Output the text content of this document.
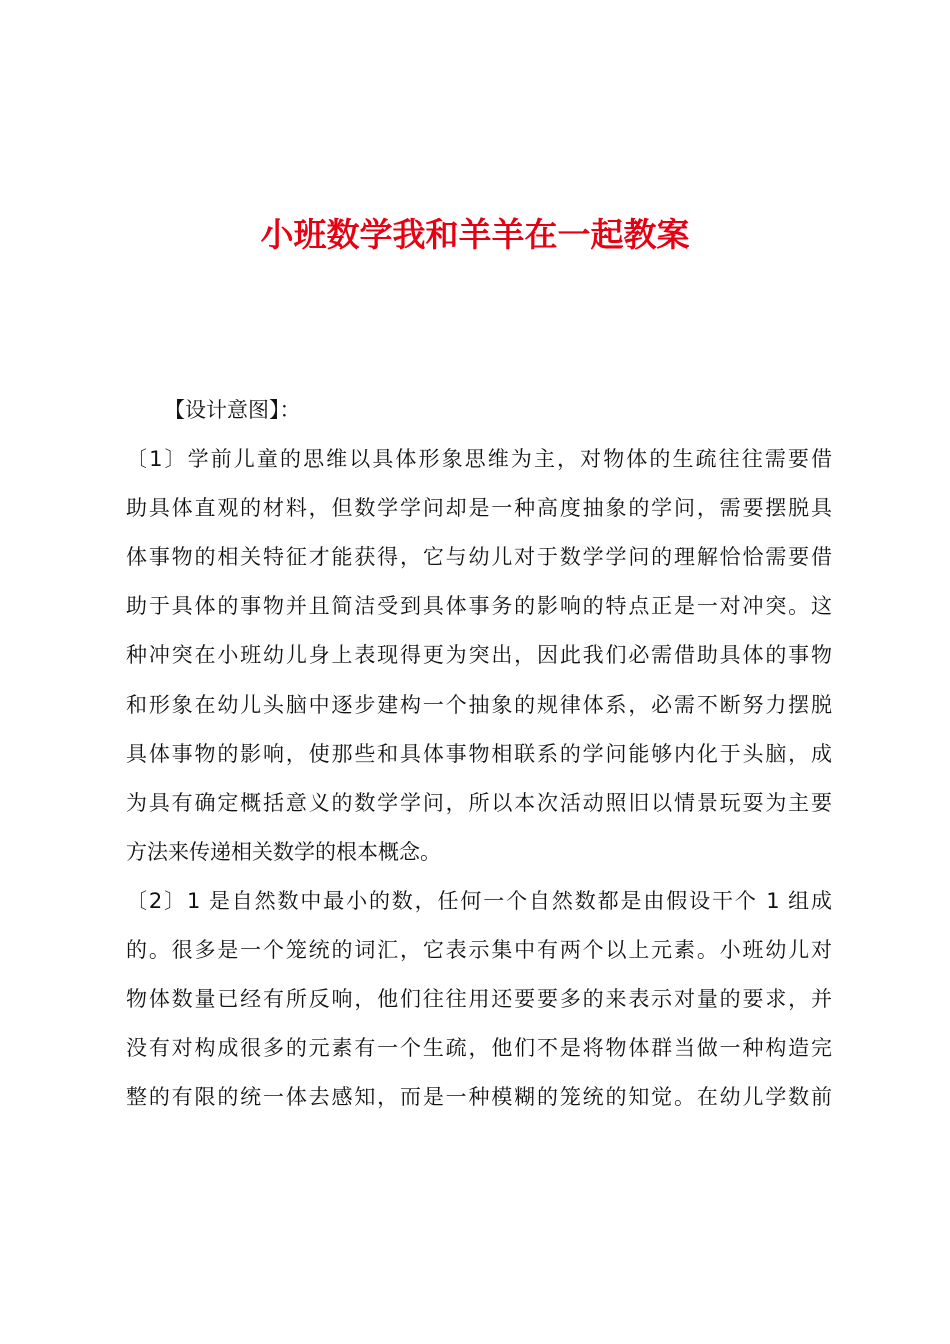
小班数学我和羊羊在一起教案
【设计意图】：
〔1〕学前儿童的思维以具体形象思维为主，对物体的生疏往往需要借
助具体直观的材料，但数学学问却是一种高度抽象的学问，需要摆脱具
体事物的相关特征才能获得，它与幼儿对于数学学问的理解恰恰需要借
助于具体的事物并且简洁受到具体事务的影响的特点正是一对冲突。这
种冲突在小班幼儿身上表现得更为突出，因此我们必需借助具体的事物
和形象在幼儿头脑中逐步建构一个抽象的规律体系，必需不断努力摆脱
具体事物的影响，使那些和具体事物相联系的学问能够内化于头脑，成
为具有确定概括意义的数学学问，所以本次活动照旧以情景玩耍为主要
方法来传递相关数学的根本概念。
〔2〕1 是自然数中最小的数，任何一个自然数都是由假设干个 1 组成
的。很多是一个笼统的词汇，它表示集中有两个以上元素。小班幼儿对
物体数量已经有所反响，他们往往用还要要多的来表示对量的要求，并
没有对构成很多的元素有一个生疏，他们不是将物体群当做一种构造完
整的有限的统一体去感知，而是一种模糊的笼统的知觉。在幼儿学数前
